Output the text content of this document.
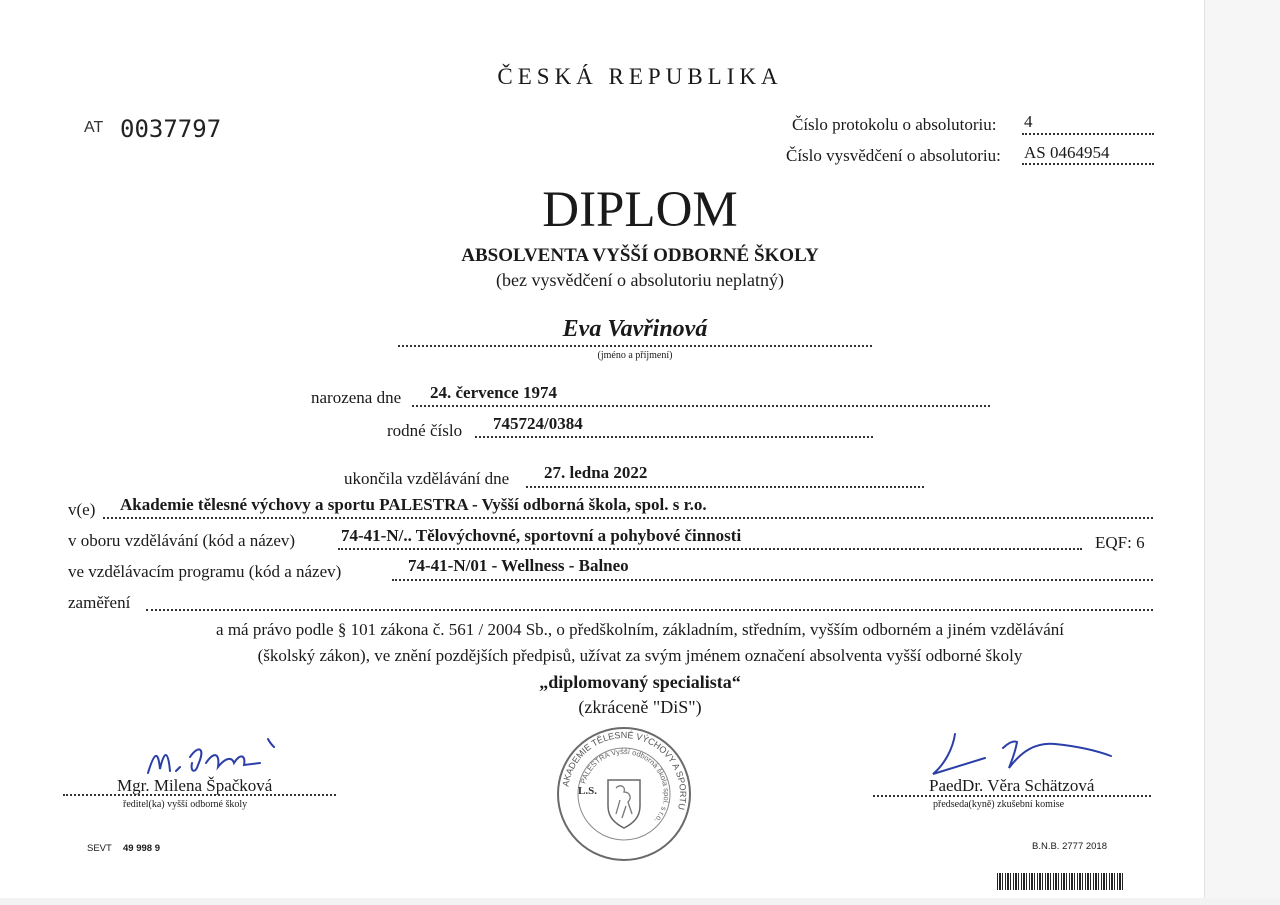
ČESKÁ REPUBLIKA
AT 0037797	Číslo protokolu o absolutoriu: 4
Číslo vysvědčení o absolutoriu: AS 0464954
DIPLOM
ABSOLVENTA VYŠŠÍ ODBORNÉ ŠKOLY
(bez vysvědčení o absolutoriu neplatný)
Eva Vavřinová
(jméno a příjmení)
narozena dne 24. července 1974
rodné číslo 745724/0384
ukončila vzdělávání dne 27. ledna 2022
v(e) Akademie tělesné výchovy a sportu PALESTRA - Vyšší odborná škola, spol. s r.o.
v oboru vzdělávání (kód a název)	74-41-N/.. Tělovýchovné, sportovní a pohybové činnosti	EQF: 6
ve vzdělávacím programu (kód a název)	74-41-N/01 - Wellness - Balneo
zaměření
a má právo podle § 101 zákona č. 561 / 2004 Sb., o předškolním, základním, středním, vyšším odborném a jiném vzdělávání
(školský zákon), ve znění pozdějších předpisů, užívat za svým jménem označení absolventa vyšší odborné školy
„diplomovaný specialista“
(zkráceně "DiS")
Mgr. Milena Špačková
ředitel(ka) vyšší odborné školy
AKADEMIE TĚLESNÉ VÝCHOVY A SPORTU
PALESTRA Vyšší odborná škola spol. s r.o.
L.S.	PaedDr. Věra Schätzová
předseda(kyně) zkušební komise
SEVT 49 998 9	B.N.B. 2777 2018
